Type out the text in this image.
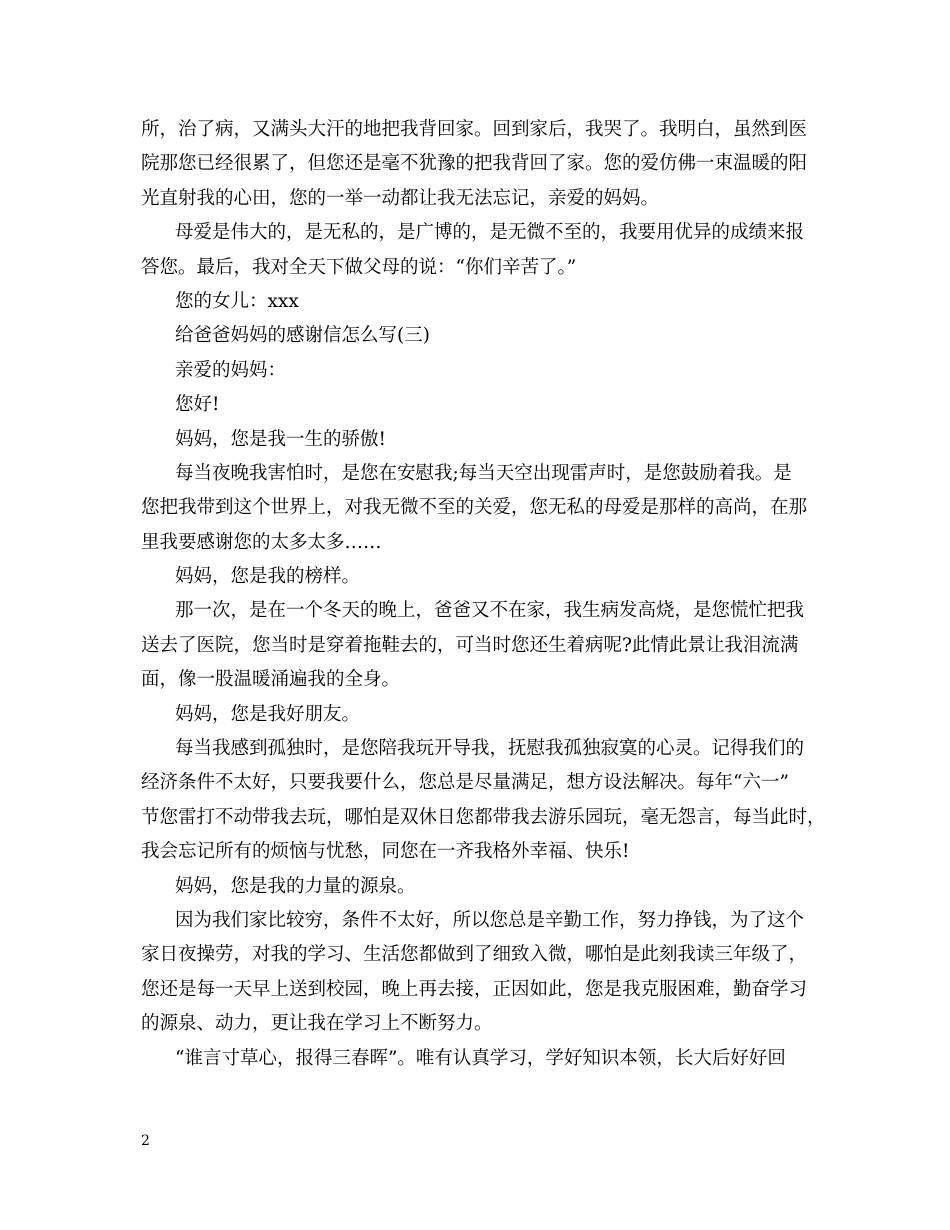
所，治了病，又满头大汗的地把我背回家。回到家后，我哭了。我明白，虽然到医

院那您已经很累了，但您还是毫不犹豫的把我背回了家。您的爱仿佛一束温暖的阳

光直射我的心田，您的一举一动都让我无法忘记，亲爱的妈妈。

母爱是伟大的，是无私的，是广博的，是无微不至的，我要用优异的成绩来报

答您。最后，我对全天下做父母的说：“你们辛苦了。”

您的女儿：xxx

给爸爸妈妈的感谢信怎么写(三)

亲爱的妈妈：

您好!

妈妈，您是我一生的骄傲!

每当夜晚我害怕时，是您在安慰我;每当天空出现雷声时，是您鼓励着我。是

您把我带到这个世界上，对我无微不至的关爱，您无私的母爱是那样的高尚，在那

里我要感谢您的太多太多……

妈妈，您是我的榜样。

那一次，是在一个冬天的晚上，爸爸又不在家，我生病发高烧，是您慌忙把我

送去了医院，您当时是穿着拖鞋去的，可当时您还生着病呢?此情此景让我泪流满

面，像一股温暖涌遍我的全身。

妈妈，您是我好朋友。

每当我感到孤独时，是您陪我玩开导我，抚慰我孤独寂寞的心灵。记得我们的

经济条件不太好，只要我要什么，您总是尽量满足，想方设法解决。每年“六一”

节您雷打不动带我去玩，哪怕是双休日您都带我去游乐园玩，毫无怨言，每当此时，

我会忘记所有的烦恼与忧愁，同您在一齐我格外幸福、快乐!

妈妈，您是我的力量的源泉。

因为我们家比较穷，条件不太好，所以您总是辛勤工作，努力挣钱，为了这个

家日夜操劳，对我的学习、生活您都做到了细致入微，哪怕是此刻我读三年级了，

您还是每一天早上送到校园，晚上再去接，正因如此，您是我克服困难，勤奋学习

的源泉、动力，更让我在学习上不断努力。

“谁言寸草心，报得三春晖”。唯有认真学习，学好知识本领，长大后好好回

2
